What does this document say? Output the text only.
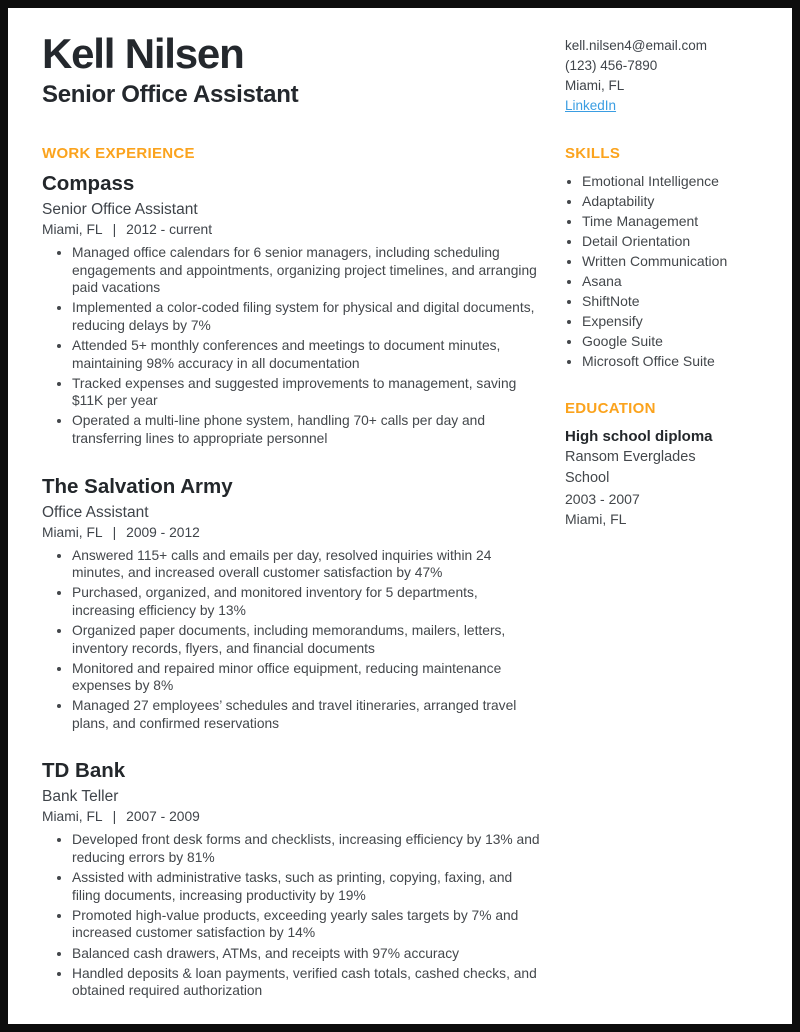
Kell Nilsen
Senior Office Assistant
WORK EXPERIENCE
Compass
Senior Office Assistant
Miami, FL | 2012 - current
• Managed office calendars for 6 senior managers, including scheduling engagements and appointments, organizing project timelines, and arranging paid vacations
• Implemented a color-coded filing system for physical and digital documents, reducing delays by 7%
• Attended 5+ monthly conferences and meetings to document minutes, maintaining 98% accuracy in all documentation
• Tracked expenses and suggested improvements to management, saving $11K per year
• Operated a multi-line phone system, handling 70+ calls per day and transferring lines to appropriate personnel
The Salvation Army
Office Assistant
Miami, FL | 2009 - 2012
• Answered 115+ calls and emails per day, resolved inquiries within 24 minutes, and increased overall customer satisfaction by 47%
• Purchased, organized, and monitored inventory for 5 departments, increasing efficiency by 13%
• Organized paper documents, including memorandums, mailers, letters, inventory records, flyers, and financial documents
• Monitored and repaired minor office equipment, reducing maintenance expenses by 8%
• Managed 27 employees’ schedules and travel itineraries, arranged travel plans, and confirmed reservations
TD Bank
Bank Teller
Miami, FL | 2007 - 2009
• Developed front desk forms and checklists, increasing efficiency by 13% and reducing errors by 81%
• Assisted with administrative tasks, such as printing, copying, faxing, and filing documents, increasing productivity by 19%
• Promoted high-value products, exceeding yearly sales targets by 7% and increased customer satisfaction by 14%
• Balanced cash drawers, ATMs, and receipts with 97% accuracy
• Handled deposits & loan payments, verified cash totals, cashed checks, and obtained required authorization
kell.nilsen4@email.com
(123) 456-7890
Miami, FL
LinkedIn
SKILLS
• Emotional Intelligence
• Adaptability
• Time Management
• Detail Orientation
• Written Communication
• Asana
• ShiftNote
• Expensify
• Google Suite
• Microsoft Office Suite
EDUCATION
High school diploma
Ransom Everglades School
2003 - 2007
Miami, FL
